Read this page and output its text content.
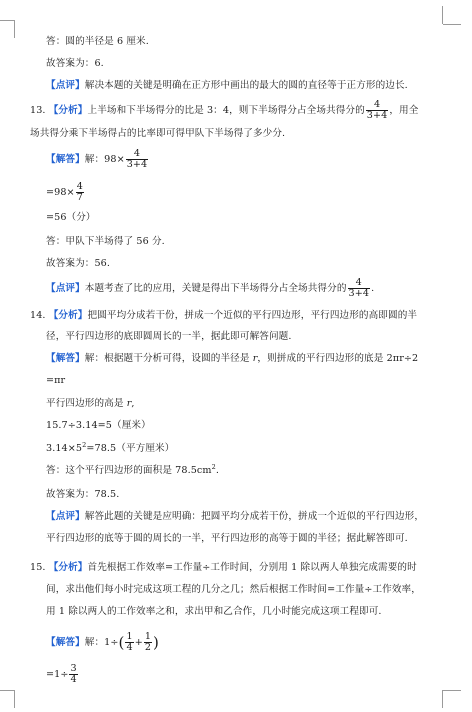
答：圆的半径是 6 厘米.
故答案为：6.
【点评】解决本题的关键是明确在正方形中画出的最大的圆的直径等于正方形的边长.
13. 【分析】上半场和下半场得分的比是 3：4，则下半场得分占全场共得分的 $\frac{4}{3+4}$ ，用全
场共得分乘下半场得占的比率即可得甲队下半场得了多少分.
【解答】解：$98\times \frac{4}{3+4}$
$=98\times \frac{4}{7}$
=56（分）
答：甲队下半场得了 56 分.
故答案为：56.
【点评】本题考查了比的应用，关键是得出下半场得分占全场共得分的 $\frac{4}{3+4}$ .
14. 【分析】把圆平均分成若干份，拼成一个近似的平行四边形，平行四边形的高即圆的半
径，平行四边形的底即圆周长的一半，据此即可解答问题.
【解答】解：根据题干分析可得，设圆的半径是 r，则拼成的平行四边形的底是 2πr÷2
=πr
平行四边形的高是 r,
15.7÷3.14=5（厘米）
$3.14\times 5^2=78.5$（平方厘米）
答：这个平行四边形的面积是 $78.5cm^2$.
故答案为：78.5.
【点评】解答此题的关键是应明确：把圆平均分成若干份，拼成一个近似的平行四边形，
平行四边形的底等于圆的周长的一半，平行四边形的高等于圆的半径；据此解答即可.
15. 【分析】首先根据工作效率=工作量÷工作时间，分别用 1 除以两人单独完成需要的时
间，求出他们每小时完成这项工程的几分之几；然后根据工作时间=工作量÷工作效率，
用 1 除以两人的工作效率之和，求出甲和乙合作，几小时能完成这项工程即可.
【解答】解：$1\div( \frac{1}{4} + \frac{1}{2}$ )
$=1\div \frac{3}{4}$
